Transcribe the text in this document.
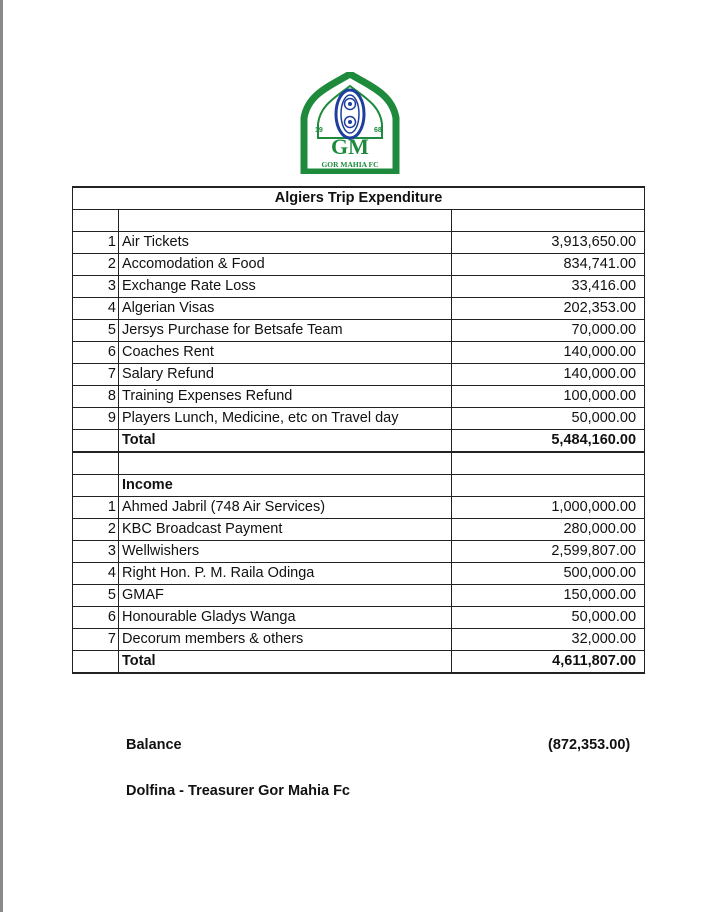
19	68
GM
GOR MAHIA FC
Algiers Trip Expenditure		

1	Air Tickets	3,913,650.00
2	Accomodation & Food	834,741.00
3	Exchange Rate Loss	33,416.00
4	Algerian Visas	202,353.00
5	Jersys Purchase for Betsafe Team	70,000.00
6	Coaches Rent	140,000.00
7	Salary Refund	140,000.00
8	Training Expenses Refund	100,000.00
9	Players Lunch, Medicine, etc on Travel day	50,000.00
	Total	5,484,160.00

	Income	
1	Ahmed Jabril (748 Air Services)	1,000,000.00
2	KBC Broadcast Payment	280,000.00
3	Wellwishers	2,599,807.00
4	Right Hon. P. M. Raila Odinga	500,000.00
5	GMAF	150,000.00
6	Honourable Gladys Wanga	50,000.00
7	Decorum members & others	32,000.00
	Total	4,611,807.00
Balance	(872,353.00)
Dolfina - Treasurer Gor Mahia Fc
